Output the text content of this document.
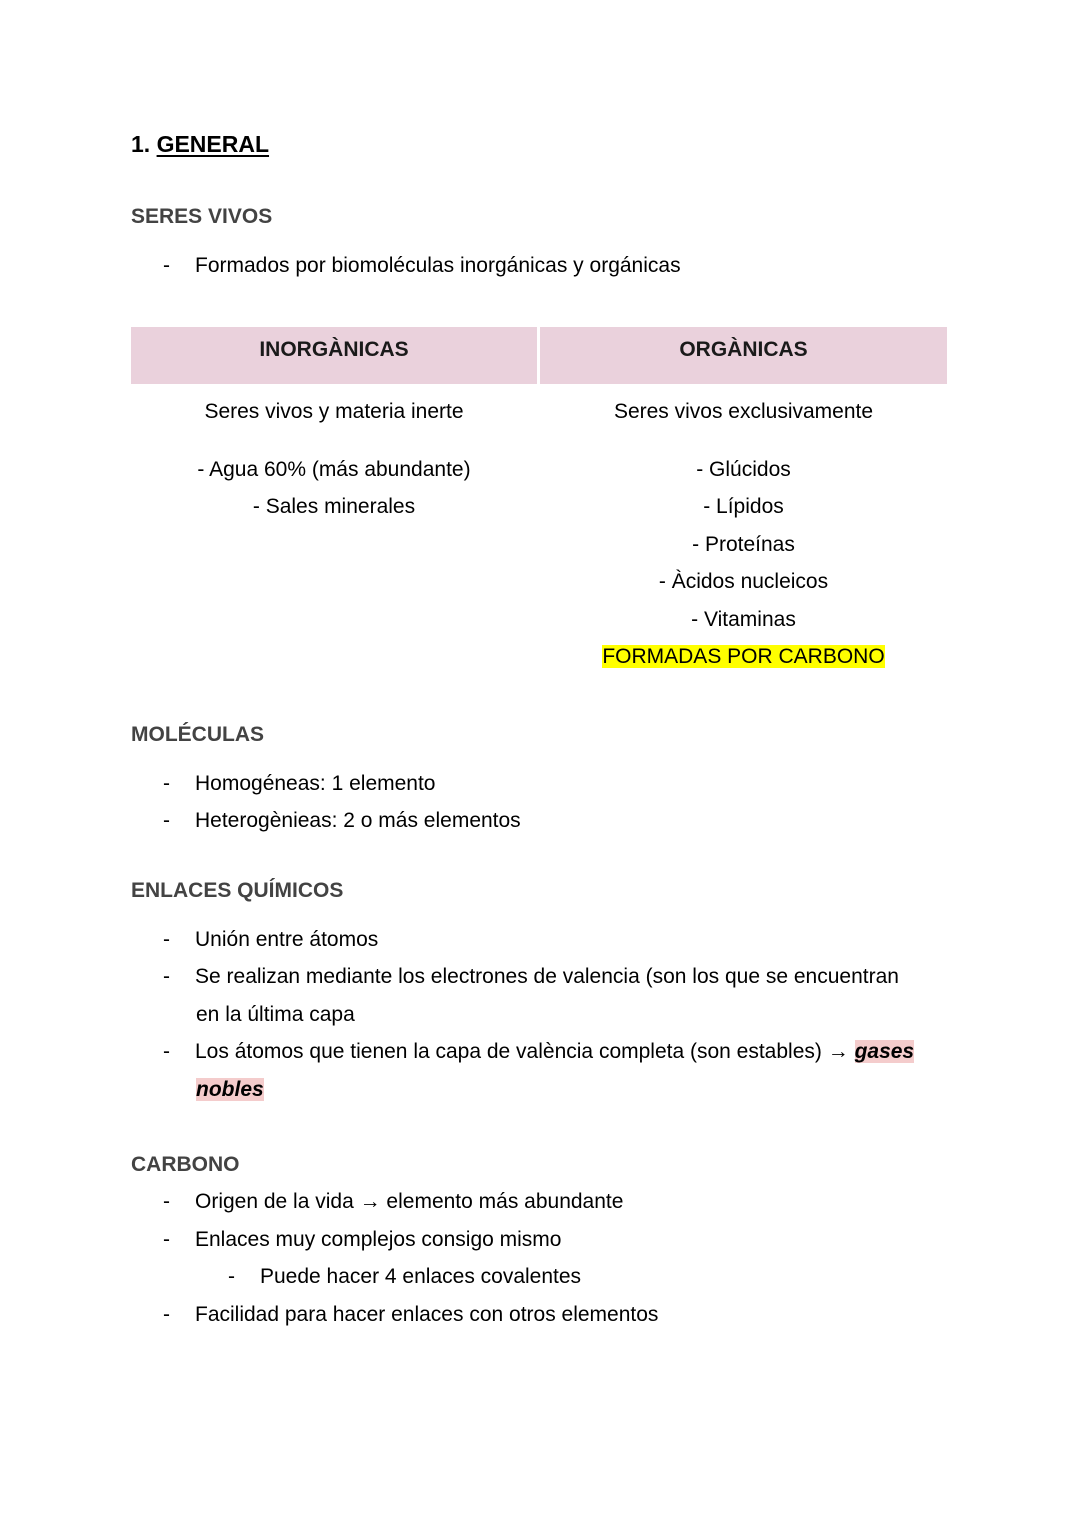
1. GENERAL
SERES VIVOS
- Formados por biomoléculas inorgánicas y orgánicas
INORGÀNICAS	ORGÀNICAS
Seres vivos y materia inerte
- Agua 60% (más abundante)
- Sales minerales
Seres vivos exclusivamente
- Glúcidos
- Lípidos
- Proteínas
- Àcidos nucleicos
- Vitaminas
FORMADAS POR CARBONO
MOLÉCULAS
- Homogéneas: 1 elemento
- Heterogènieas: 2 o más elementos
ENLACES QUÍMICOS
- Unión entre átomos
- Se realizan mediante los electrones de valencia (son los que se encuentran
en la última capa
- Los átomos que tienen la capa de valència completa (son estables) → gases
nobles
CARBONO
- Origen de la vida → elemento más abundante
- Enlaces muy complejos consigo mismo
- Puede hacer 4 enlaces covalentes
- Facilidad para hacer enlaces con otros elementos
